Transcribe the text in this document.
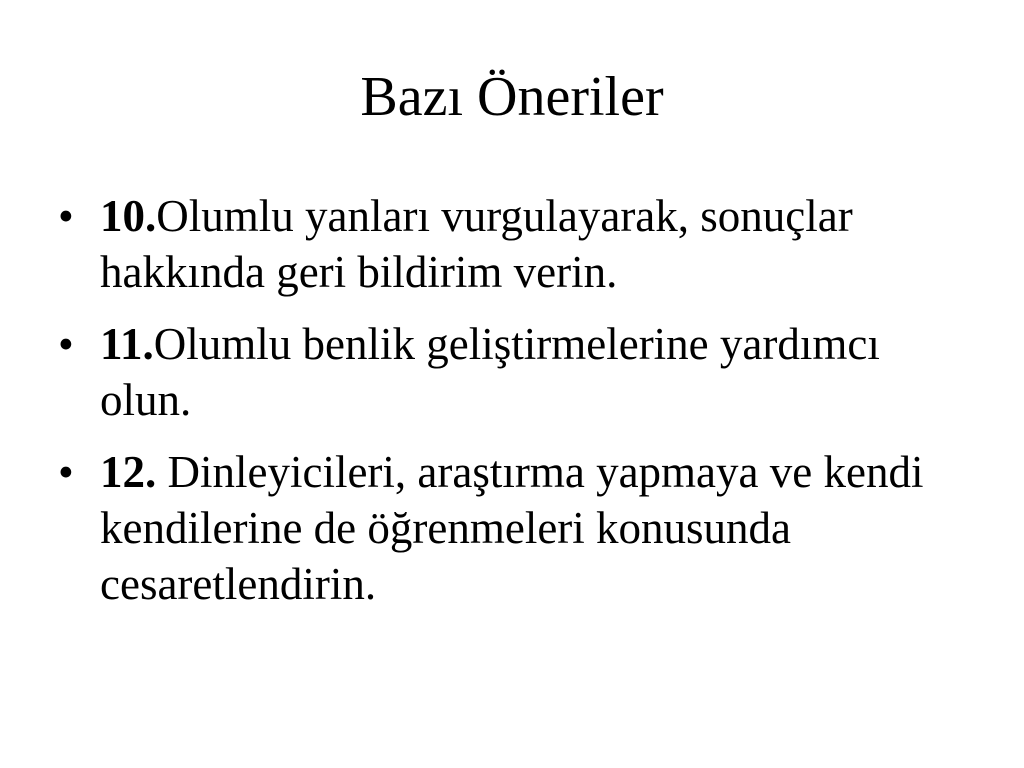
Bazı Öneriler
• 10.Olumlu yanları vurgulayarak, sonuçlar hakkında geri bildirim verin.
• 11.Olumlu benlik geliştirmelerine yardımcı olun.
• 12. Dinleyicileri, araştırma yapmaya ve kendi kendilerine de öğrenmeleri konusunda cesaretlendirin.
